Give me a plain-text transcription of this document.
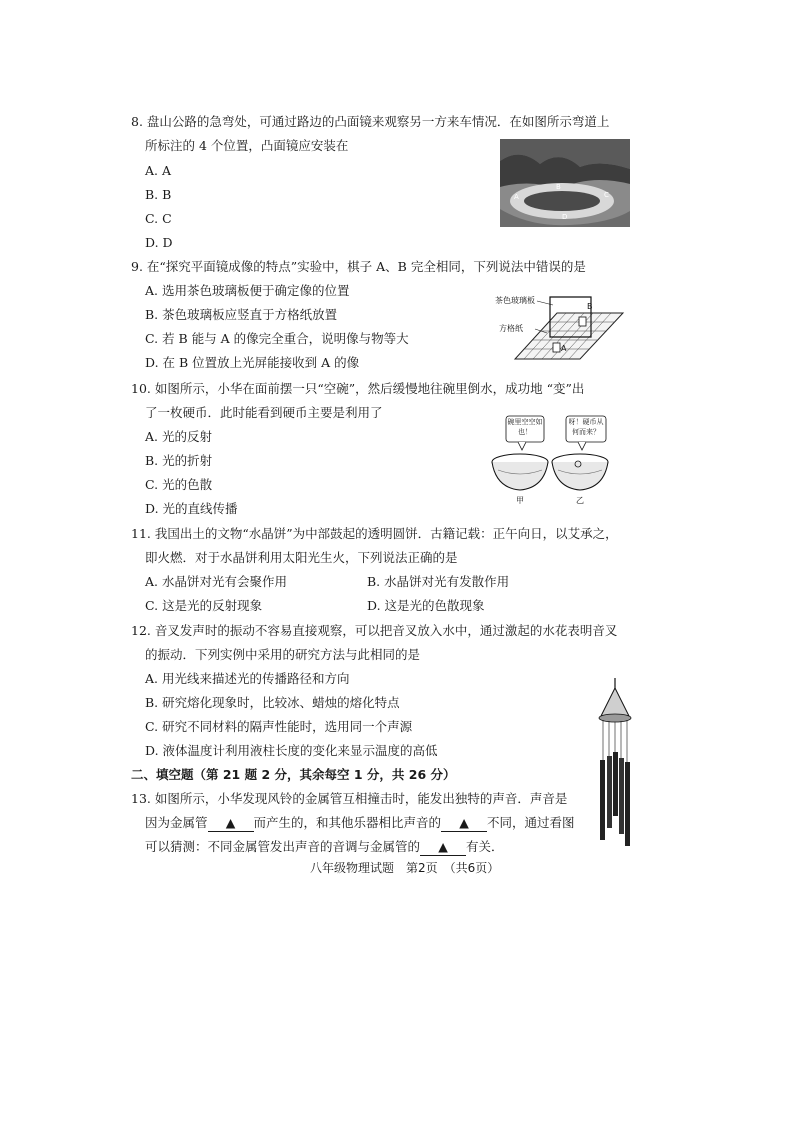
8. 盘山公路的急弯处，可通过路边的凸面镜来观察另一方来车情况．在如图所示弯道上
所标注的 4 个位置，凸面镜应安装在
A. A
B. B
C. C
D. D
A
B
C
D
9. 在“探究平面镜成像的特点”实验中，棋子 A、B 完全相同，下列说法中错误的是
A. 选用茶色玻璃板便于确定像的位置
B. 茶色玻璃板应竖直于方格纸放置
C. 若 B 能与 A 的像完全重合，说明像与物等大
D. 在 B 位置放上光屏能接收到 A 的像
茶色玻璃板
方格纸
A
B
10. 如图所示，小华在面前摆一只“空碗”，然后缓慢地往碗里倒水，成功地 “变”出
了一枚硬币．此时能看到硬币主要是利用了
A. 光的反射
B. 光的折射
C. 光的色散
D. 光的直线传播
碗里空空如也！
呀！硬币从何而来？
甲	乙
11. 我国出土的文物“水晶饼”为中部鼓起的透明圆饼．古籍记载：正午向日，以艾承之，
即火燃．对于水晶饼利用太阳光生火，下列说法正确的是
A. 水晶饼对光有会聚作用	B. 水晶饼对光有发散作用
C. 这是光的反射现象	D. 这是光的色散现象
12. 音叉发声时的振动不容易直接观察，可以把音叉放入水中，通过激起的水花表明音叉
的振动．下列实例中采用的研究方法与此相同的是
A. 用光线来描述光的传播路径和方向
B. 研究熔化现象时，比较冰、蜡烛的熔化特点
C. 研究不同材料的隔声性能时，选用同一个声源
D. 液体温度计利用液柱长度的变化来显示温度的高低
二、填空题（第 21 题 2 分，其余每空 1 分，共 26 分）
13. 如图所示，小华发现风铃的金属管互相撞击时，能发出独特的声音．声音是
因为金属管 ▲ 而产生的，和其他乐器相比声音的 ▲ 不同，通过看图
可以猜测：不同金属管发出声音的音调与金属管的 ▲ 有关．
八年级物理试题　第2页　（共6页）
